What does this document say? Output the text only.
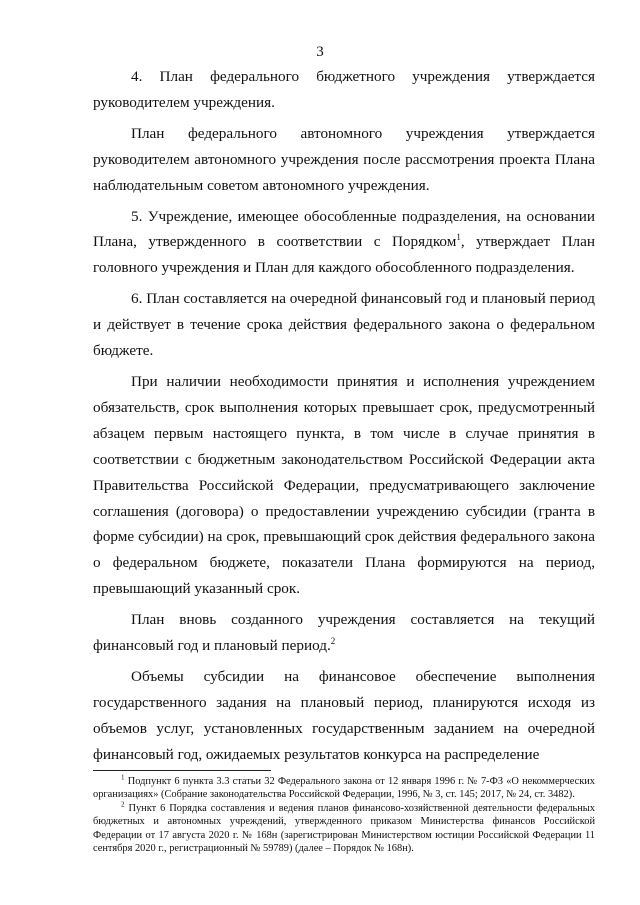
3

4. План федерального бюджетного учреждения утверждается руководителем учреждения.

План федерального автономного учреждения утверждается руководителем автономного учреждения после рассмотрения проекта Плана наблюдательным советом автономного учреждения.

5. Учреждение, имеющее обособленные подразделения, на основании Плана, утвержденного в соответствии с Порядком$^1$, утверждает План головного учреждения и План для каждого обособленного подразделения.

6. План составляется на очередной финансовый год и плановый период и действует в течение срока действия федерального закона о федеральном бюджете.

При наличии необходимости принятия и исполнения учреждением обязательств, срок выполнения которых превышает срок, предусмотренный абзацем первым настоящего пункта, в том числе в случае принятия в соответствии с бюджетным законодательством Российской Федерации акта Правительства Российской Федерации, предусматривающего заключение соглашения (договора) о предоставлении учреждению субсидии (гранта в форме субсидии) на срок, превышающий срок действия федерального закона о федеральном бюджете, показатели Плана формируются на период, превышающий указанный срок.

План вновь созданного учреждения составляется на текущий финансовый год и плановый период.$^2$

Объемы субсидии на финансовое обеспечение выполнения государственного задания на плановый период, планируются исходя из объемов услуг, установленных государственным заданием на очередной финансовый год, ожидаемых результатов конкурса на распределение

$^1$ Подпункт 6 пункта 3.3 статьи 32 Федерального закона от 12 января 1996 г. № 7-ФЗ «О некоммерческих организациях» (Собрание законодательства Российской Федерации, 1996, № 3, ст. 145; 2017, № 24, ст. 3482).

$^2$ Пункт 6 Порядка составления и ведения планов финансово-хозяйственной деятельности федеральных бюджетных и автономных учреждений, утвержденного приказом Министерства финансов Российской Федерации от 17 августа 2020 г. № 168н (зарегистрирован Министерством юстиции Российской Федерации 11 сентября 2020 г., регистрационный № 59789) (далее – Порядок № 168н).
